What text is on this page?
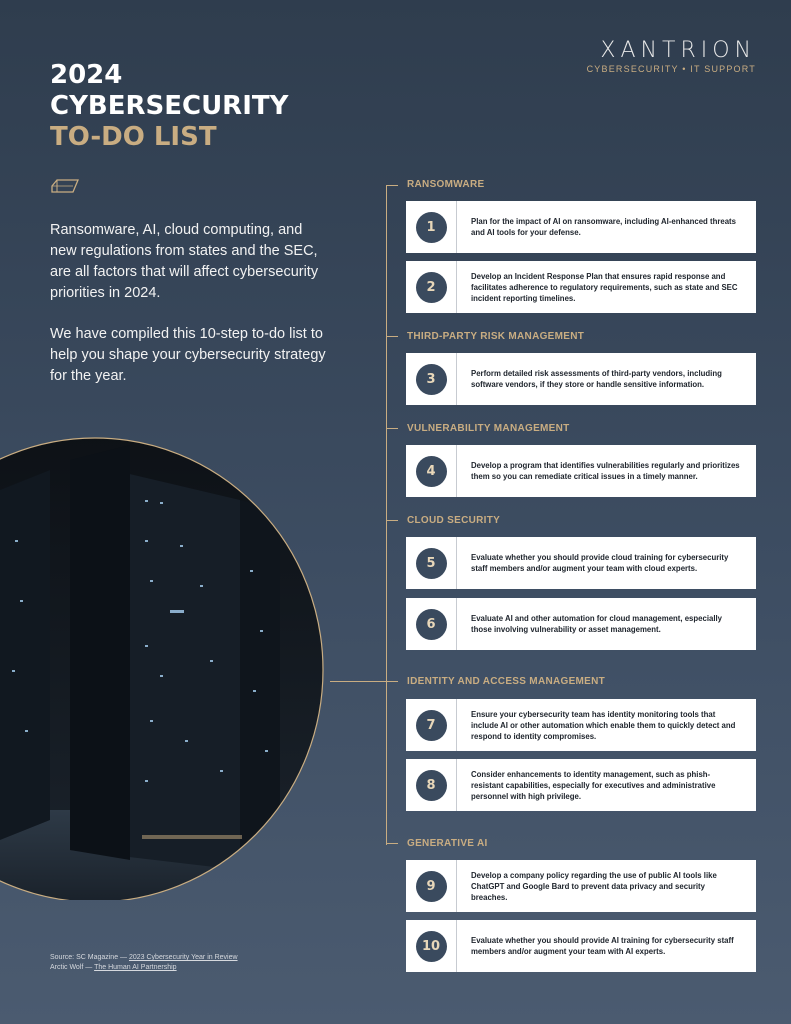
XANTRION
CYBERSECURITY • IT SUPPORT
2024
CYBERSECURITY
TO-DO LIST

Ransomware, AI, cloud computing, and new regulations from states and the SEC, are all factors that will affect cybersecurity priorities in 2024.

We have compiled this 10-step to-do list to help you shape your cybersecurity strategy for the year.

Source: SC Magazine — 2023 Cybersecurity Year in Review
Arctic Wolf — The Human AI Partnership
RANSOMWARE
THIRD-PARTY RISK MANAGEMENT
VULNERABILITY MANAGEMENT
CLOUD SECURITY
IDENTITY AND ACCESS MANAGEMENT
GENERATIVE AI
1	Plan for the impact of AI on ransomware, including AI-enhanced threats and AI tools for your defense.
2
Develop an Incident Response Plan that ensures rapid response and facilitates adherence to regulatory requirements, such as state and SEC incident reporting timelines.
3	Perform detailed risk assessments of third-party vendors, including software vendors, if they store or handle sensitive information.
4	Develop a program that identifies vulnerabilities regularly and prioritizes them so you can remediate critical issues in a timely manner.
5	Evaluate whether you should provide cloud training for cybersecurity staff members and/or augment your team with cloud experts.
6	Evaluate AI and other automation for cloud management, especially those involving vulnerability or asset management.
7
Ensure your cybersecurity team has identity monitoring tools that include AI or other automation which enable them to quickly detect and respond to identity compromises.
8
Consider enhancements to identity management, such as phish-resistant capabilities, especially for executives and administrative personnel with high privilege.
9
Develop a company policy regarding the use of public AI tools like ChatGPT and Google Bard to prevent data privacy and security breaches.
10	Evaluate whether you should provide AI training for cybersecurity staff members and/or augment your team with AI experts.
